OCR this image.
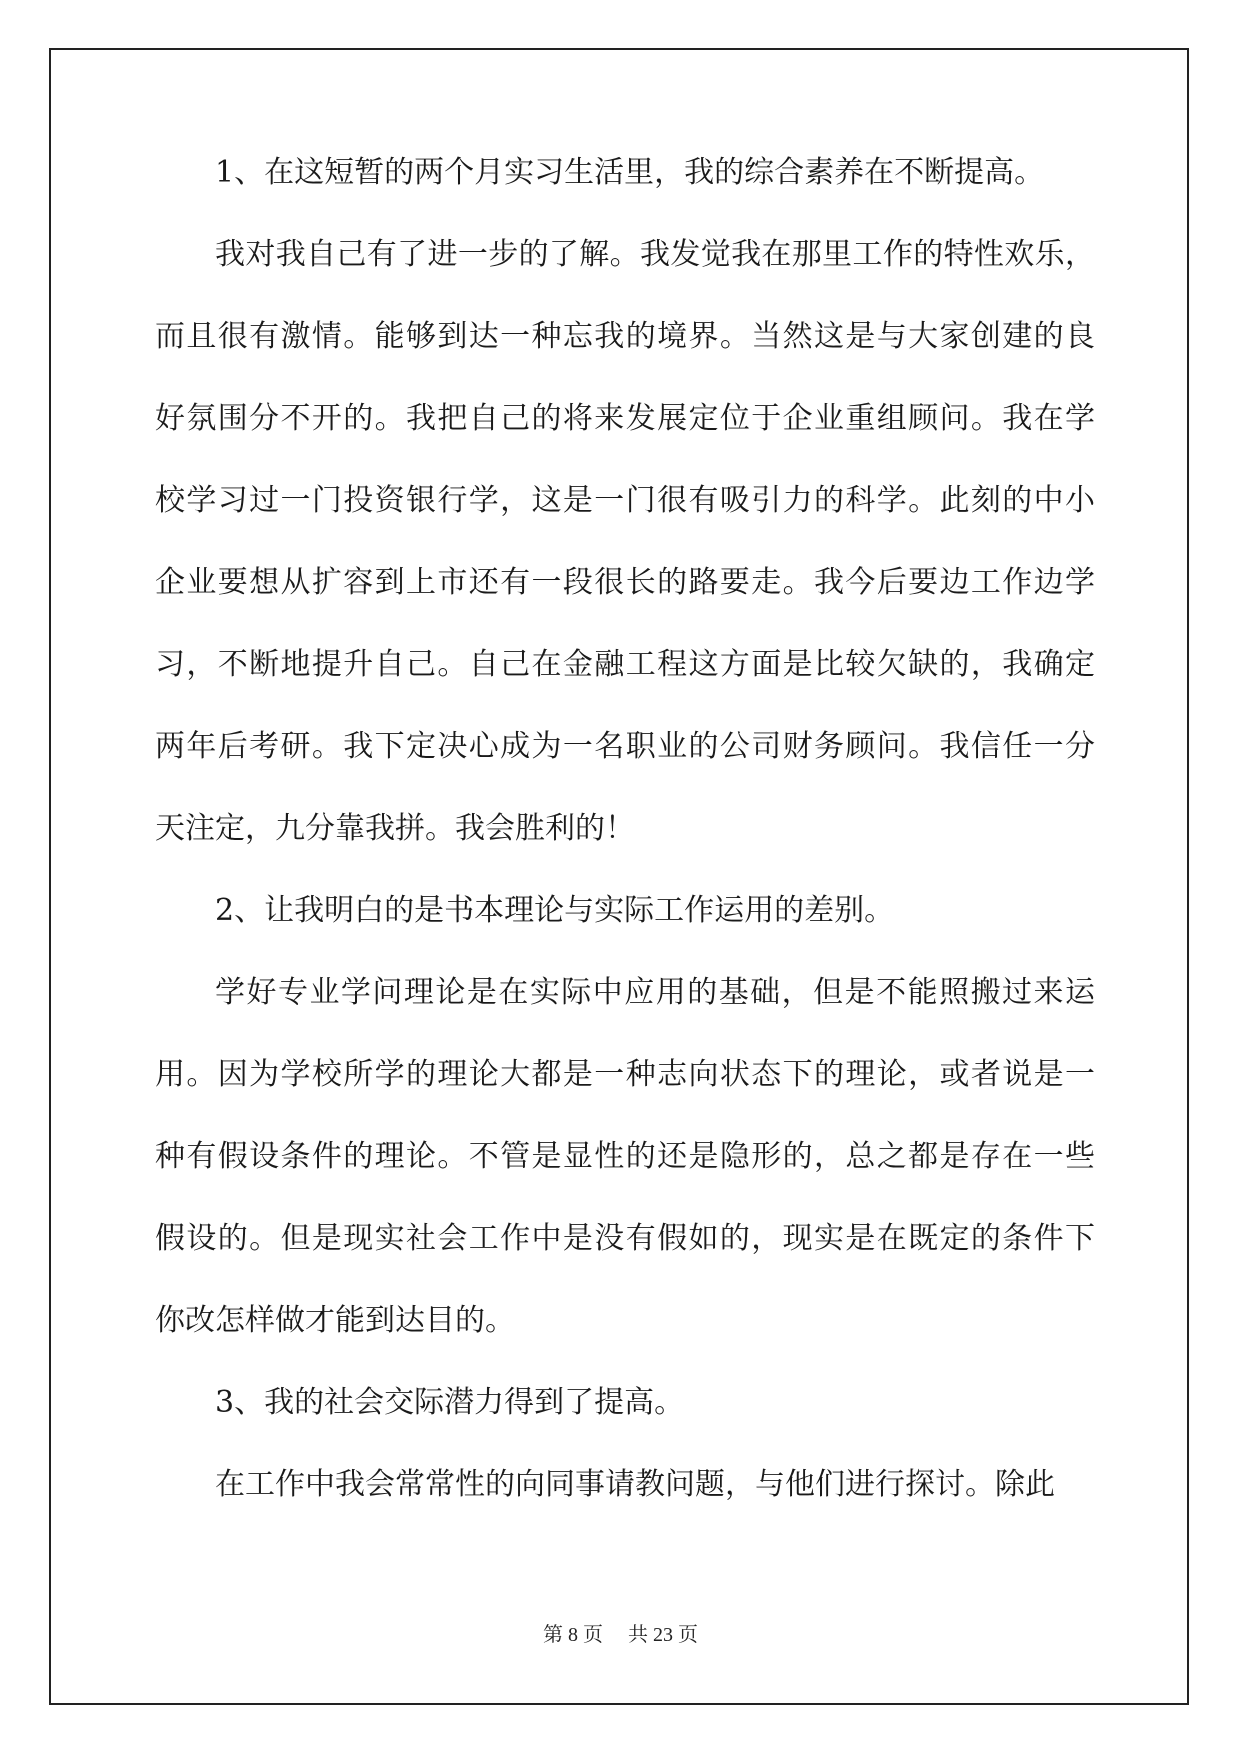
1、在这短暂的两个月实习生活里，我的综合素养在不断提高。
我对我自己有了进一步的了解。我发觉我在那里工作的特性欢乐，
而且很有激情。能够到达一种忘我的境界。当然这是与大家创建的良
好氛围分不开的。我把自己的将来发展定位于企业重组顾问。我在学
校学习过一门投资银行学，这是一门很有吸引力的科学。此刻的中小
企业要想从扩容到上市还有一段很长的路要走。我今后要边工作边学
习，不断地提升自己。自己在金融工程这方面是比较欠缺的，我确定
两年后考研。我下定决心成为一名职业的公司财务顾问。我信任一分
天注定，九分靠我拼。我会胜利的！
2、让我明白的是书本理论与实际工作运用的差别。
学好专业学问理论是在实际中应用的基础，但是不能照搬过来运
用。因为学校所学的理论大都是一种志向状态下的理论，或者说是一
种有假设条件的理论。不管是显性的还是隐形的，总之都是存在一些
假设的。但是现实社会工作中是没有假如的，现实是在既定的条件下
你改怎样做才能到达目的。
3、我的社会交际潜力得到了提高。
在工作中我会常常性的向同事请教问题，与他们进行探讨。除此
第 8 页　 共 23 页
